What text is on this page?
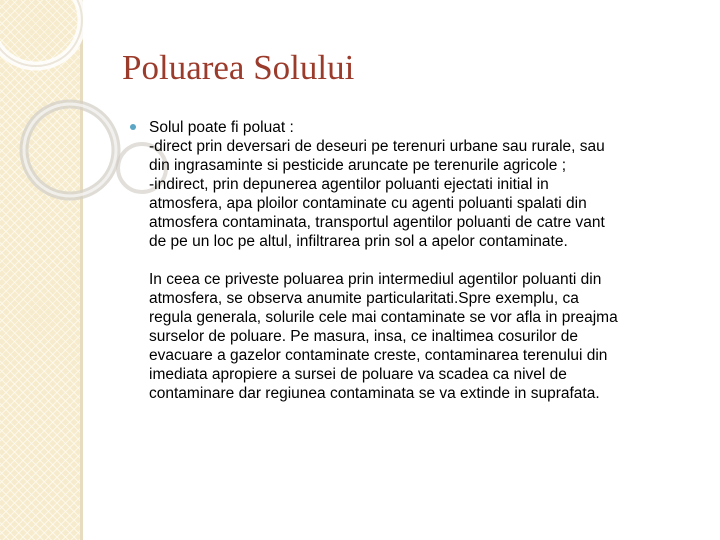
Poluarea Solului
Solul poate fi poluat :
-direct prin deversari de deseuri pe terenuri urbane sau rurale, sau
din ingrasaminte si pesticide aruncate pe terenurile agricole ;
-indirect, prin depunerea agentilor poluanti ejectati initial in
atmosfera, apa ploilor contaminate cu agenti poluanti spalati din
atmosfera contaminata, transportul agentilor poluanti de catre vant
de pe un loc pe altul, infiltrarea prin sol a apelor contaminate.
In ceea ce priveste poluarea prin intermediul agentilor poluanti din
atmosfera, se observa anumite particularitati.Spre exemplu, ca
regula generala, solurile cele mai contaminate se vor afla in preajma
surselor de poluare. Pe masura, insa, ce inaltimea cosurilor de
evacuare a gazelor contaminate creste, contaminarea terenului din
imediata apropiere a sursei de poluare va scadea ca nivel de
contaminare dar regiunea contaminata se va extinde in suprafata.
